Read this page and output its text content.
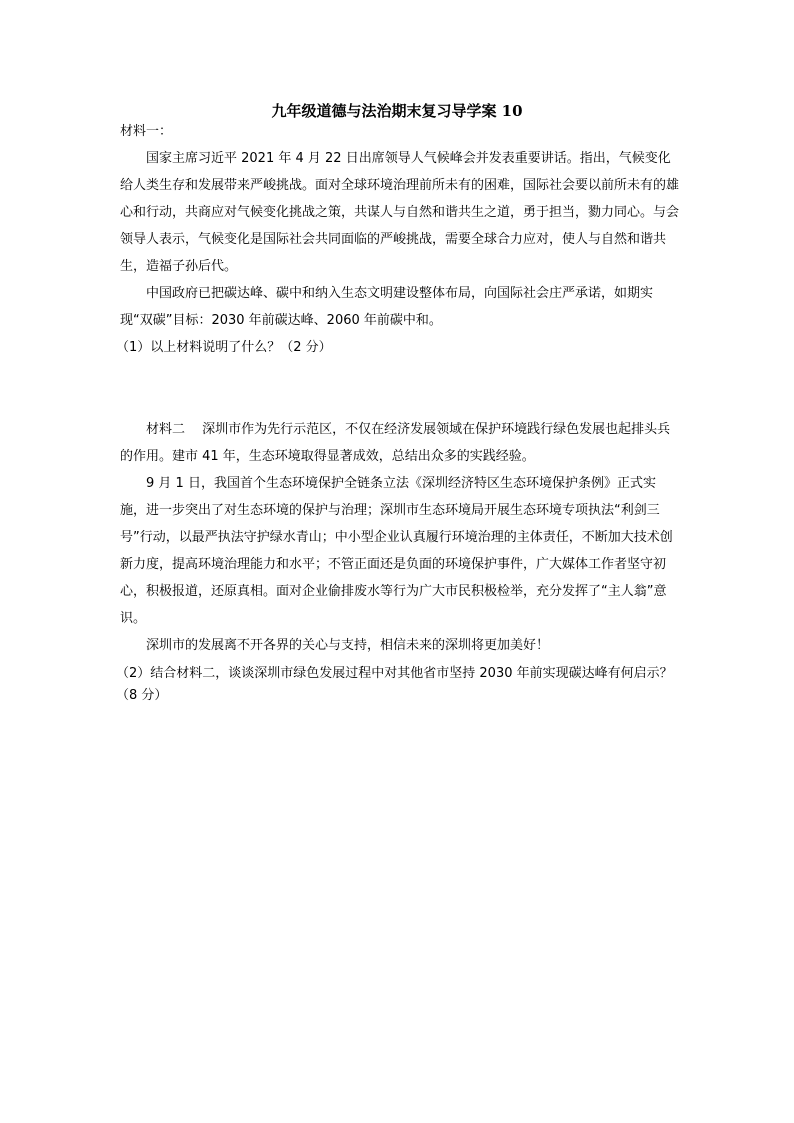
九年级道德与法治期末复习导学案 10
材料一：
国家主席习近平 2021 年 4 月 22 日出席领导人气候峰会并发表重要讲话。指出，气候变化给人类生存和发展带来严峻挑战。面对全球环境治理前所未有的困难，国际社会要以前所未有的雄心和行动，共商应对气候变化挑战之策，共谋人与自然和谐共生之道，勇于担当，勠力同心。与会领导人表示，气候变化是国际社会共同面临的严峻挑战，需要全球合力应对，使人与自然和谐共生，造福子孙后代。
中国政府已把碳达峰、碳中和纳入生态文明建设整体布局，向国际社会庄严承诺，如期实现“双碳”目标：2030 年前碳达峰、2060 年前碳中和。
（1）以上材料说明了什么？（2 分）
材料二　 深圳市作为先行示范区，不仅在经济发展领域在保护环境践行绿色发展也起排头兵的作用。建市 41 年，生态环境取得显著成效，总结出众多的实践经验。
9 月 1 日，我国首个生态环境保护全链条立法《深圳经济特区生态环境保护条例》正式实施，进一步突出了对生态环境的保护与治理；深圳市生态环境局开展生态环境专项执法“利剑三号”行动，以最严执法守护绿水青山；中小型企业认真履行环境治理的主体责任，不断加大技术创新力度，提高环境治理能力和水平；不管正面还是负面的环境保护事件，广大媒体工作者坚守初心，积极报道，还原真相。面对企业偷排废水等行为广大市民积极检举，充分发挥了“主人翁”意识。
深圳市的发展离不开各界的关心与支持，相信未来的深圳将更加美好！
（2）结合材料二，谈谈深圳市绿色发展过程中对其他省市坚持 2030 年前实现碳达峰有何启示？（8 分）
